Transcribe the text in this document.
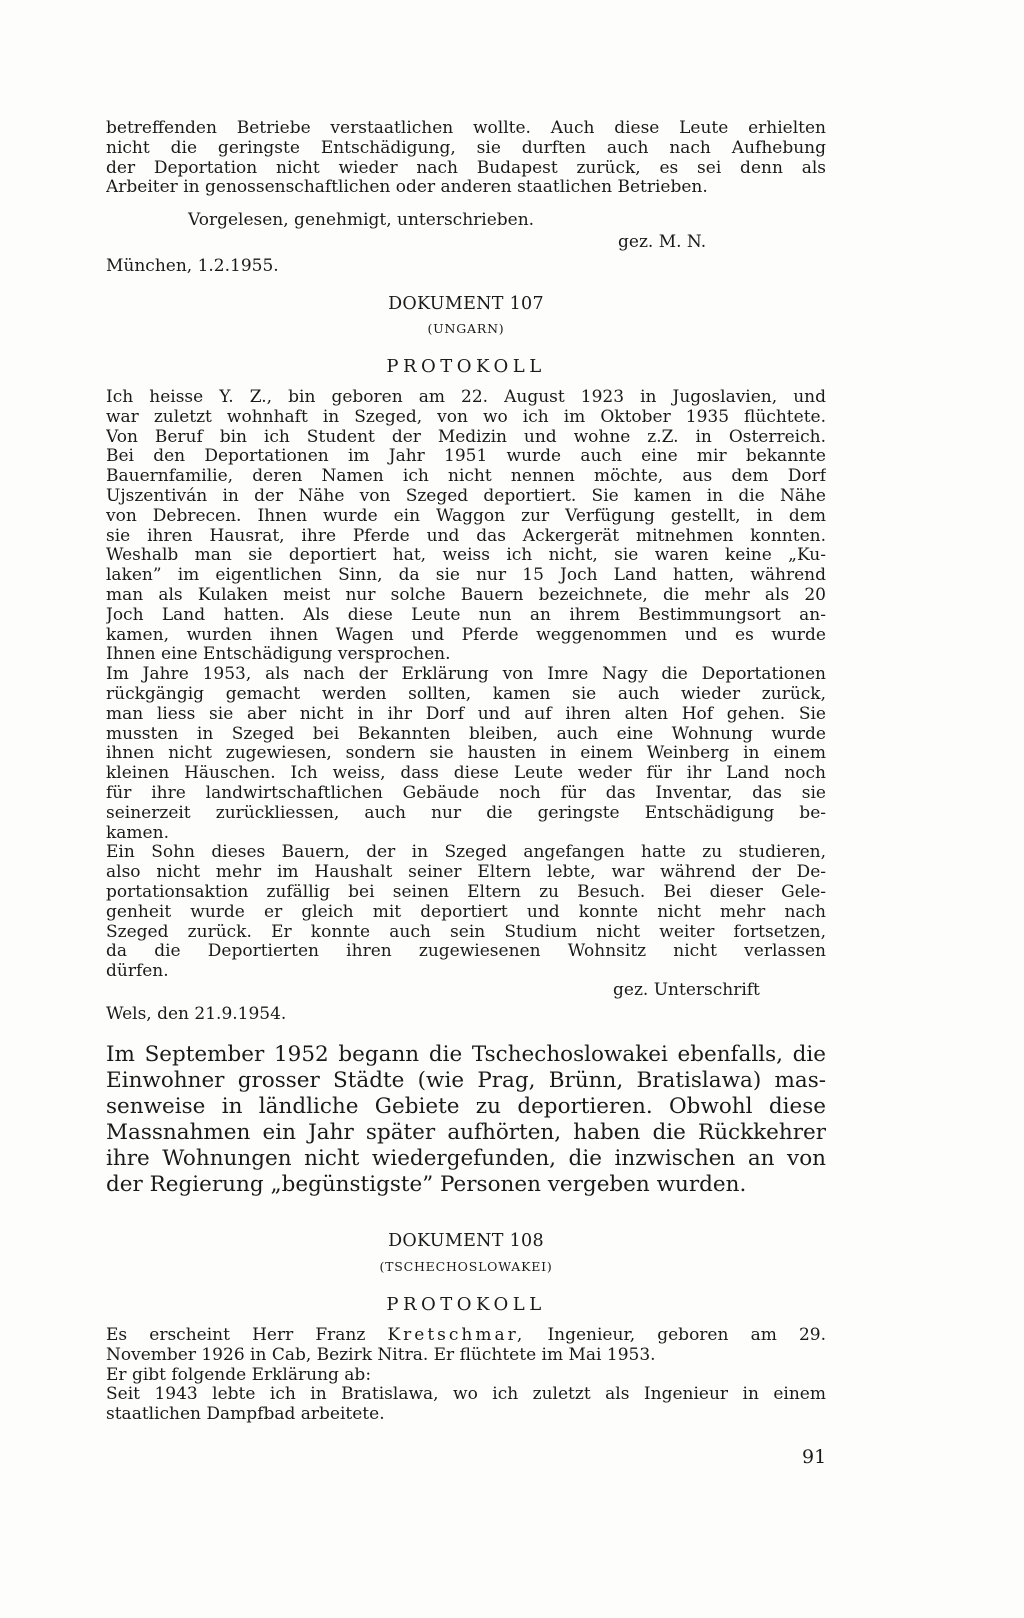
betreffenden Betriebe verstaatlichen wollte. Auch diese Leute erhielten
nicht die geringste Entschädigung, sie durften auch nach Aufhebung
der Deportation nicht wieder nach Budapest zurück, es sei denn als
Arbeiter in genossenschaftlichen oder anderen staatlichen Betrieben.
Vorgelesen, genehmigt, unterschrieben.
gez. M. N.
München, 1.2.1955.
DOKUMENT 107
(UNGARN)
PROTOKOLL
Ich heisse Y. Z., bin geboren am 22. August 1923 in Jugoslavien, und
war zuletzt wohnhaft in Szeged, von wo ich im Oktober 1935 flüchtete.
Von Beruf bin ich Student der Medizin und wohne z.Z. in Österreich.
Bei den Deportationen im Jahr 1951 wurde auch eine mir bekannte
Bauernfamilie, deren Namen ich nicht nennen möchte, aus dem Dorf
Ujszentiván in der Nähe von Szeged deportiert. Sie kamen in die Nähe
von Debrecen. Ihnen wurde ein Waggon zur Verfügung gestellt, in dem
sie ihren Hausrat, ihre Pferde und das Ackergerät mitnehmen konnten.
Weshalb man sie deportiert hat, weiss ich nicht, sie waren keine „Ku-
laken” im eigentlichen Sinn, da sie nur 15 Joch Land hatten, während
man als Kulaken meist nur solche Bauern bezeichnete, die mehr als 20
Joch Land hatten. Als diese Leute nun an ihrem Bestimmungsort an-
kamen, wurden ihnen Wagen und Pferde weggenommen und es wurde
Ihnen eine Entschädigung versprochen.
Im Jahre 1953, als nach der Erklärung von Imre Nagy die Deportationen
rückgängig gemacht werden sollten, kamen sie auch wieder zurück,
man liess sie aber nicht in ihr Dorf und auf ihren alten Hof gehen. Sie
mussten in Szeged bei Bekannten bleiben, auch eine Wohnung wurde
ihnen nicht zugewiesen, sondern sie hausten in einem Weinberg in einem
kleinen Häuschen. Ich weiss, dass diese Leute weder für ihr Land noch
für ihre landwirtschaftlichen Gebäude noch für das Inventar, das sie
seinerzeit zurückliessen, auch nur die geringste Entschädigung be-
kamen.
Ein Sohn dieses Bauern, der in Szeged angefangen hatte zu studieren,
also nicht mehr im Haushalt seiner Eltern lebte, war während der De-
portationsaktion zufällig bei seinen Eltern zu Besuch. Bei dieser Gele-
genheit wurde er gleich mit deportiert und konnte nicht mehr nach
Szeged zurück. Er konnte auch sein Studium nicht weiter fortsetzen,
da die Deportierten ihren zugewiesenen Wohnsitz nicht verlassen
dürfen.
gez. Unterschrift
Wels, den 21.9.1954.
Im September 1952 begann die Tschechoslowakei ebenfalls, die
Einwohner grosser Städte (wie Prag, Brünn, Bratislawa) mas-
senweise in ländliche Gebiete zu deportieren. Obwohl diese
Massnahmen ein Jahr später aufhörten, haben die Rückkehrer
ihre Wohnungen nicht wiedergefunden, die inzwischen an von
der Regierung „begünstigste” Personen vergeben wurden.
DOKUMENT 108
(TSCHECHOSLOWAKEI)
PROTOKOLL
Es erscheint Herr Franz Kretschmar, Ingenieur, geboren am 29.
November 1926 in Cab, Bezirk Nitra. Er flüchtete im Mai 1953.
Er gibt folgende Erklärung ab:
Seit 1943 lebte ich in Bratislawa, wo ich zuletzt als Ingenieur in einem
staatlichen Dampfbad arbeitete.
91
